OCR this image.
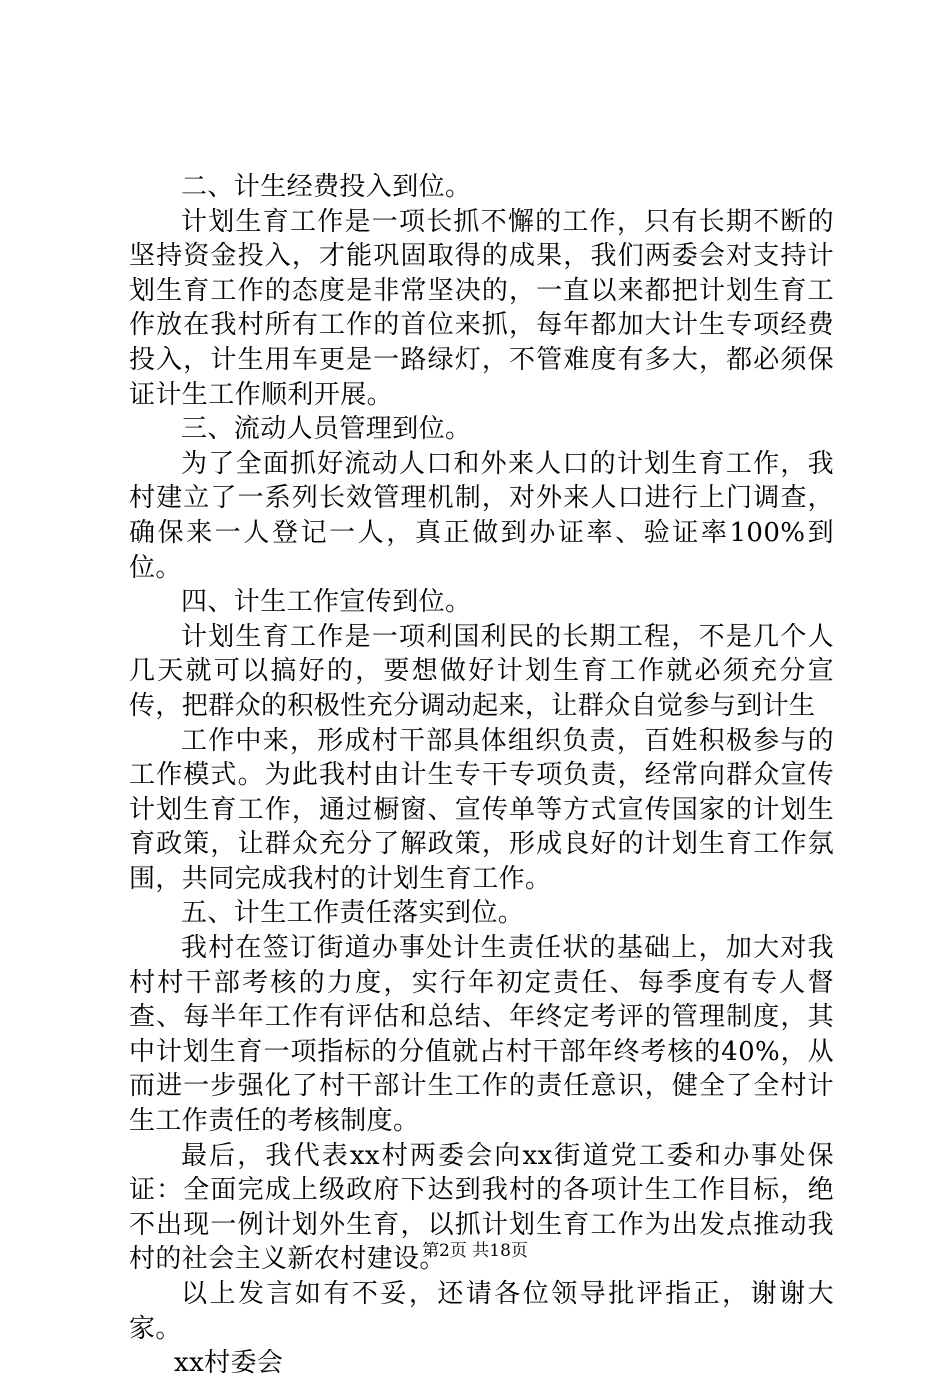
二、计生经费投入到位。

计划生育工作是一项长抓不懈的工作，只有长期不断的坚持资金投入，才能巩固取得的成果，我们两委会对支持计划生育工作的态度是非常坚决的，一直以来都把计划生育工作放在我村所有工作的首位来抓，每年都加大计生专项经费投入，计生用车更是一路绿灯，不管难度有多大，都必须保证计生工作顺利开展。

三、流动人员管理到位。

为了全面抓好流动人口和外来人口的计划生育工作，我村建立了一系列长效管理机制，对外来人口进行上门调查，确保来一人登记一人，真正做到办证率、验证率100%到位。

四、计生工作宣传到位。

计划生育工作是一项利国利民的长期工程，不是几个人几天就可以搞好的，要想做好计划生育工作就必须充分宣传，把群众的积极性充分调动起来，让群众自觉参与到计生

工作中来，形成村干部具体组织负责，百姓积极参与的工作模式。为此我村由计生专干专项负责，经常向群众宣传计划生育工作，通过橱窗、宣传单等方式宣传国家的计划生育政策，让群众充分了解政策，形成良好的计划生育工作氛围，共同完成我村的计划生育工作。

五、计生工作责任落实到位。

我村在签订街道办事处计生责任状的基础上，加大对我村村干部考核的力度，实行年初定责任、每季度有专人督查、每半年工作有评估和总结、年终定考评的管理制度，其中计划生育一项指标的分值就占村干部年终考核的40%，从而进一步强化了村干部计生工作的责任意识，健全了全村计生工作责任的考核制度。

最后，我代表xx村两委会向xx街道党工委和办事处保证：全面完成上级政府下达到我村的各项计生工作目标，绝不出现一例计划外生育，以抓计划生育工作为出发点推动我村的社会主义新农村建设。

以上发言如有不妥，还请各位领导批评指正，谢谢大家。

xx村委会

第2页 共18页
